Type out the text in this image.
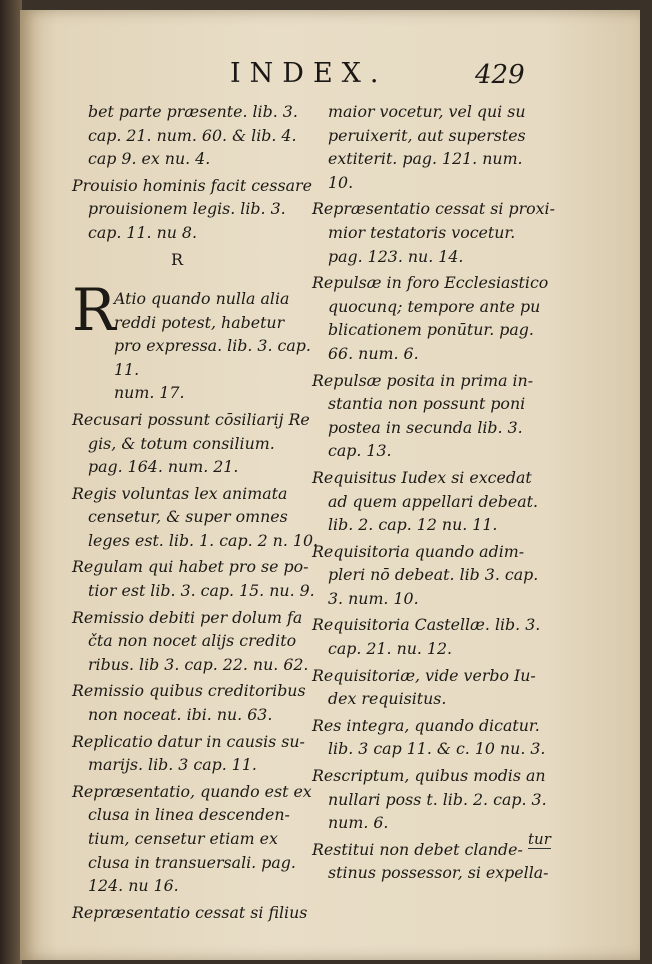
INDEX.	429

bet parte præsente. lib. 3.
cap. 21. num. 60. & lib. 4.
cap 9. ex nu. 4.

Prouisio hominis facit cessare
prouisionem legis. lib. 3.
cap. 11. nu 8.

R

R
Atio quando nulla alia
reddi potest, habetur
pro expressa. lib. 3. cap. 11.
num. 17.

Recusari possunt cōsiliarij Re
gis, & totum consilium.
pag. 164. num. 21.

Regis voluntas lex animata
censetur, & super omnes
leges est. lib. 1. cap. 2 n. 10.

Regulam qui habet pro se po-
tior est lib. 3. cap. 15. nu. 9.

Remissio debiti per dolum fa
čta non nocet alijs credito
ribus. lib 3. cap. 22. nu. 62.

Remissio quibus creditoribus
non noceat. ibi. nu. 63.

Replicatio datur in causis su-
marijs. lib. 3 cap. 11.

Repræsentatio, quando est ex
clusa in linea descenden-
tium, censetur etiam ex
clusa in transuersali. pag.
124. nu 16.

Repræsentatio cessat si filius

maior vocetur, vel qui su
peruixerit, aut superstes
extiterit. pag. 121. num.
10.

Repræsentatio cessat si proxi-
mior testatoris vocetur.
pag. 123. nu. 14.

Repulsæ in foro Ecclesiastico
quocunq; tempore ante pu
blicationem ponūtur. pag.
66. num. 6.

Repulsæ posita in prima in-
stantia non possunt poni
postea in secunda lib. 3.
cap. 13.

Requisitus Iudex si excedat
ad quem appellari debeat.
lib. 2. cap. 12 nu. 11.

Requisitoria quando adim-
pleri nō debeat. lib 3. cap.
3. num. 10.

Requisitoria Castellæ. lib. 3.
cap. 21. nu. 12.

Requisitoriæ, vide verbo Iu-
dex requisitus.

Res integra, quando dicatur.
lib. 3 cap 11. & c. 10 nu. 3.

Rescriptum, quibus modis an
nullari poss t. lib. 2. cap. 3.
num. 6.

Restitui non debet clande-
stinus possessor, si expella-

tur
